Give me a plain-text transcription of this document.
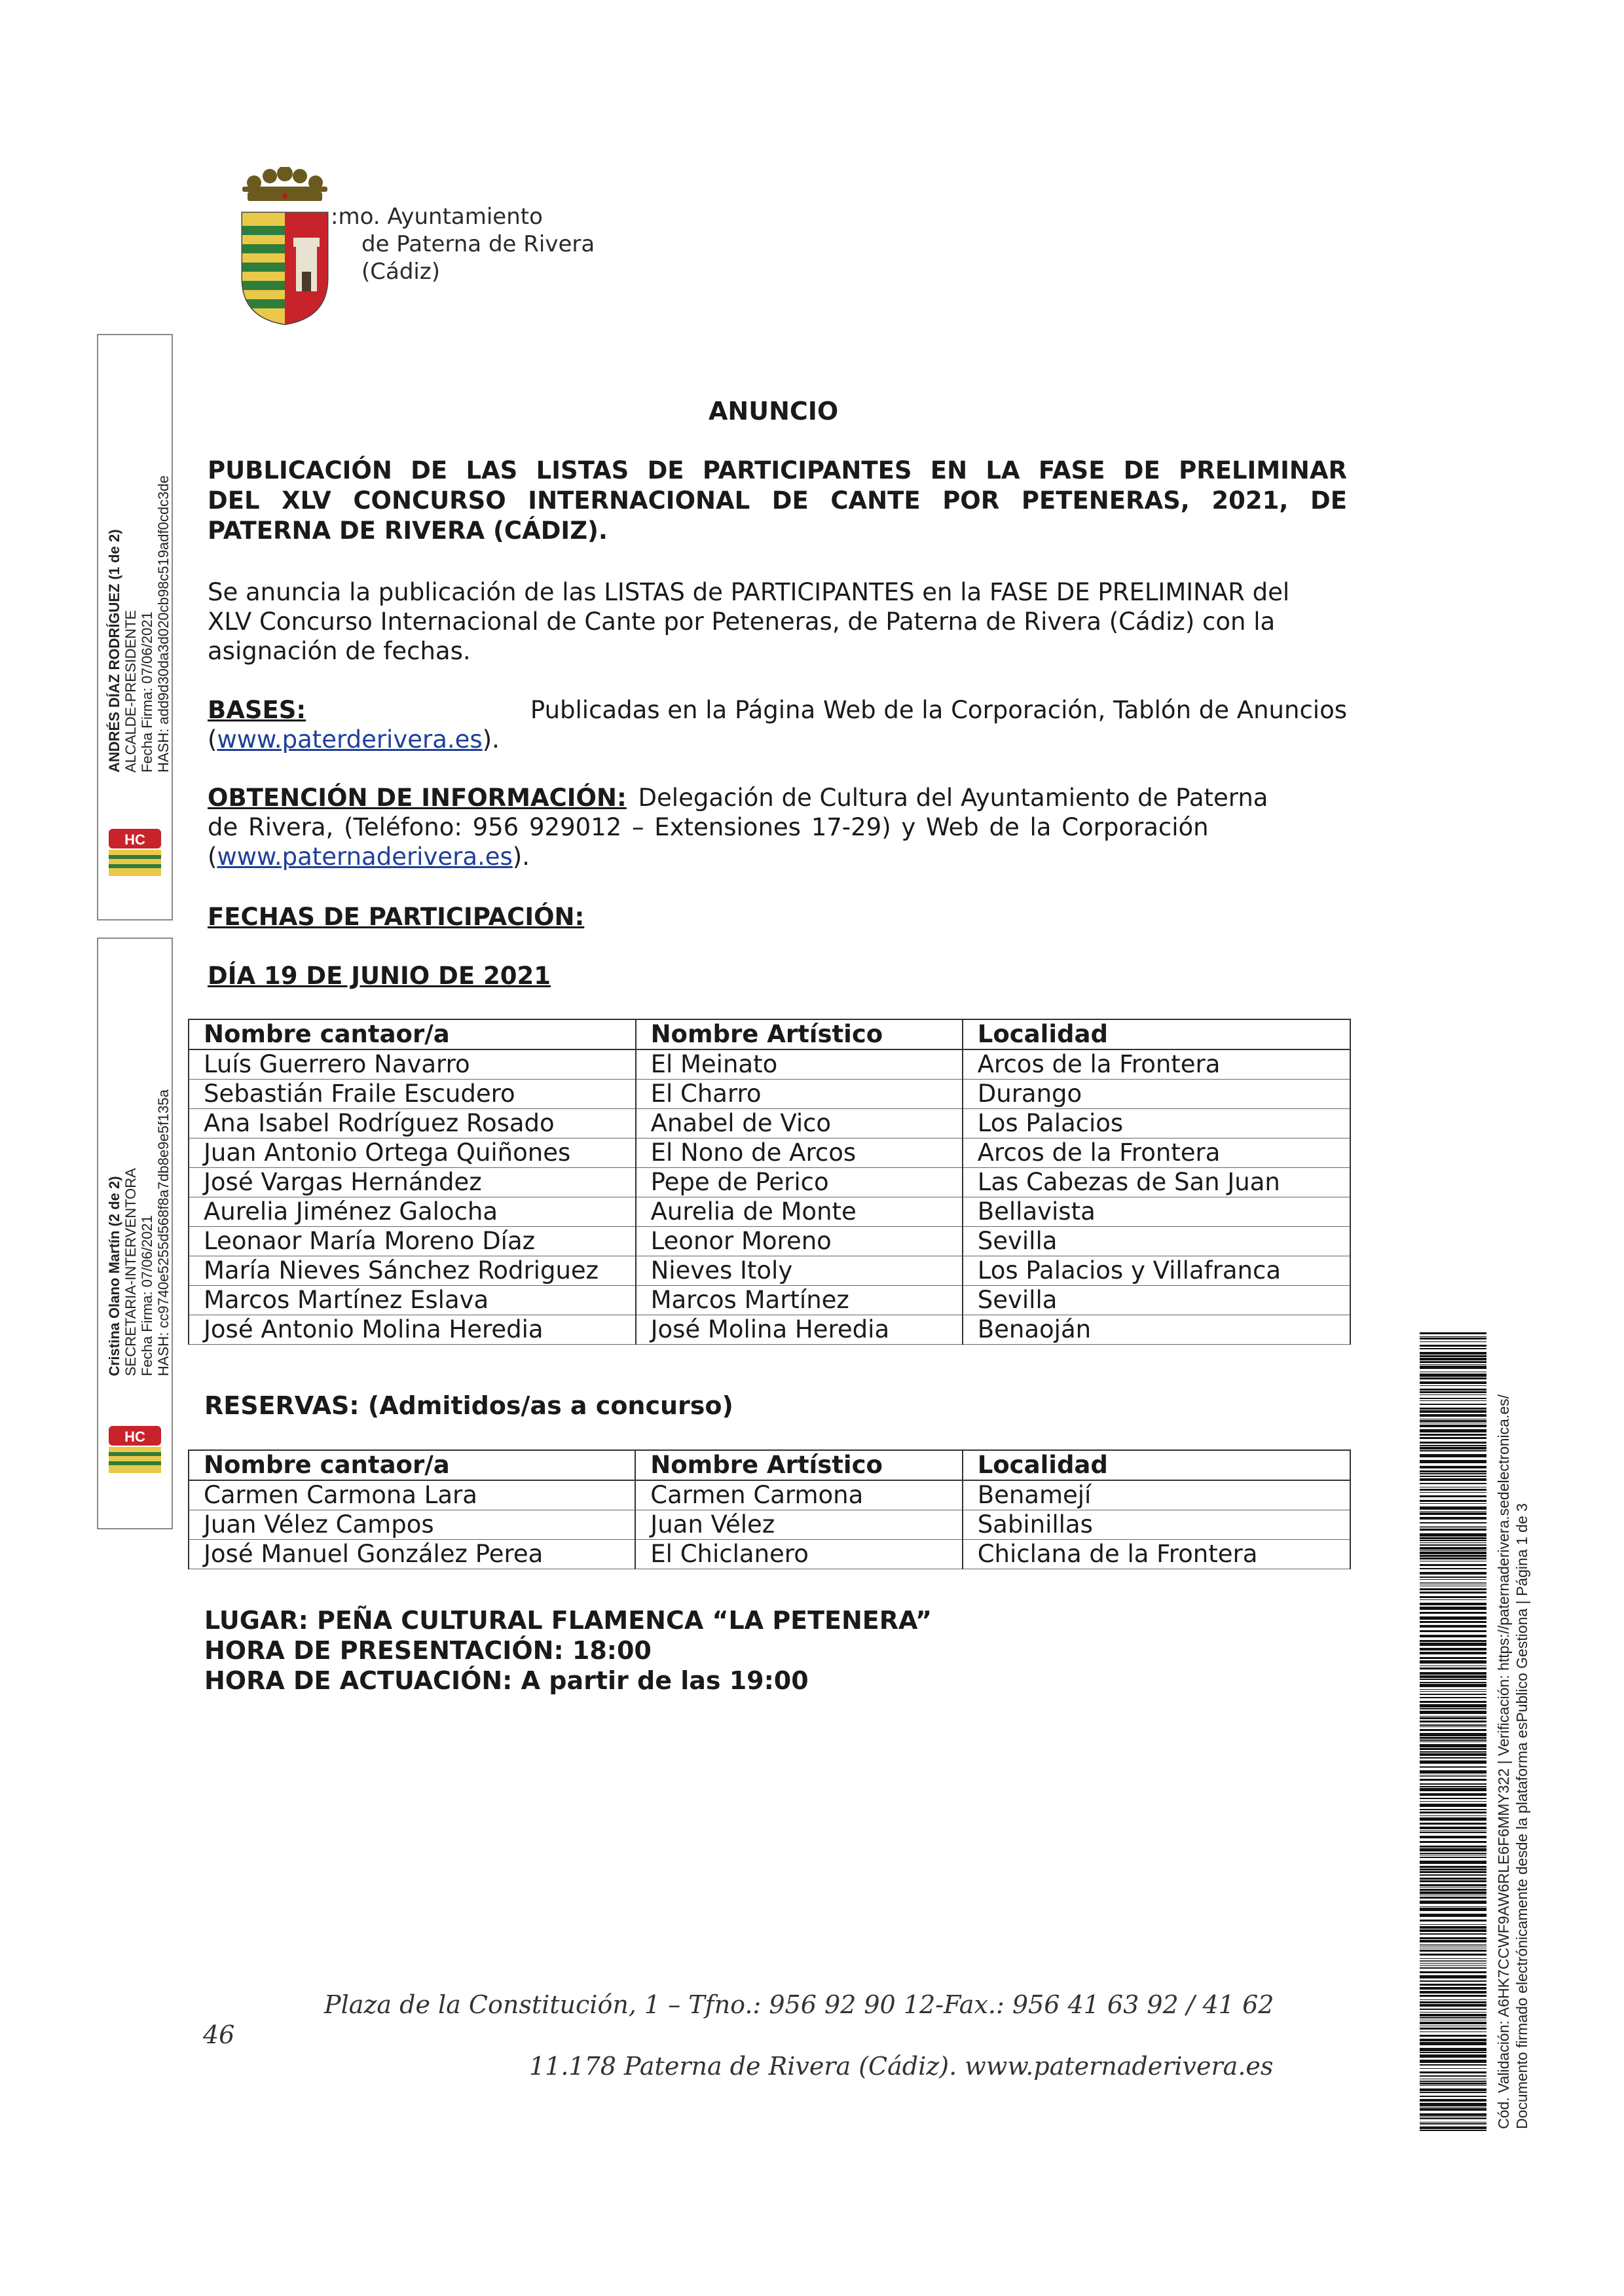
:mo. Ayuntamiento
de Paterna de Rivera
(Cádiz)
ANDRÉS DÍAZ RODRÍGUEZ (1 de 2)
ALCALDE-PRESIDENTE
Fecha Firma: 07/06/2021
HASH: add9d30da3d020cb98c519adf0cdc3de
HC
Cristina Olano Martín (2 de 2)
SECRETARIA-INTERVENTORA
Fecha Firma: 07/06/2021
HASH: cc9740e5255d568f8a7db8e9e5f135a
HC
ANUNCIO
PUBLICACIÓN DE LAS LISTAS DE PARTICIPANTES EN LA FASE DE PRELIMINAR
DEL XLV CONCURSO INTERNACIONAL DE CANTE POR PETENERAS, 2021, DE
PATERNA DE RIVERA (CÁDIZ).
Se anuncia la publicación de las LISTAS de PARTICIPANTES en la FASE DE PRELIMINAR del
XLV Concurso Internacional de Cante por Peteneras, de Paterna de Rivera (Cádiz) con la
asignación de fechas.
BASES:	Publicadas en la Página Web de la Corporación, Tablón de Anuncios
(www.paterderivera.es).
OBTENCIÓN DE INFORMACIÓN: Delegación de Cultura del Ayuntamiento de Paterna
de Rivera, (Teléfono: 956 929012 – Extensiones 17-29) y Web de la Corporación
(www.paternaderivera.es).
FECHAS DE PARTICIPACIÓN:
DÍA 19 DE JUNIO DE 2021
Nombre cantaor/a	Nombre Artístico	Localidad
Luís Guerrero Navarro	El Meinato	Arcos de la Frontera
Sebastián Fraile Escudero	El Charro	Durango
Ana Isabel Rodríguez Rosado	Anabel de Vico	Los Palacios
Juan Antonio Ortega Quiñones	El Nono de Arcos	Arcos de la Frontera
José Vargas Hernández	Pepe de Perico	Las Cabezas de San Juan
Aurelia Jiménez Galocha	Aurelia de Monte	Bellavista
Leonaor María Moreno Díaz	Leonor Moreno	Sevilla
María Nieves Sánchez Rodriguez	Nieves Itoly	Los Palacios y Villafranca
Marcos Martínez Eslava	Marcos Martínez	Sevilla
José Antonio Molina Heredia	José Molina Heredia	Benaoján
RESERVAS: (Admitidos/as a concurso)
Nombre cantaor/a	Nombre Artístico	Localidad
Carmen Carmona Lara	Carmen Carmona	Benamejí
Juan Vélez Campos	Juan Vélez	Sabinillas
José Manuel González Perea	El Chiclanero	Chiclana de la Frontera
LUGAR: PEÑA CULTURAL FLAMENCA “LA PETENERA”
HORA DE PRESENTACIÓN: 18:00
HORA DE ACTUACIÓN: A partir de las 19:00
46
Plaza de la Constitución, 1 – Tfno.: 956 92 90 12-Fax.: 956 41 63 92 / 41 62
11.178 Paterna de Rivera (Cádiz). www.paternaderivera.es	Cód. Validación: A6HK7CCWF9AW6RLE6F6MMY322 | Verificación: https://paternaderivera.sedelectronica.es/ Documento firmado electrónicamente desde la plataforma esPublico Gestiona | Página 1 de 3
